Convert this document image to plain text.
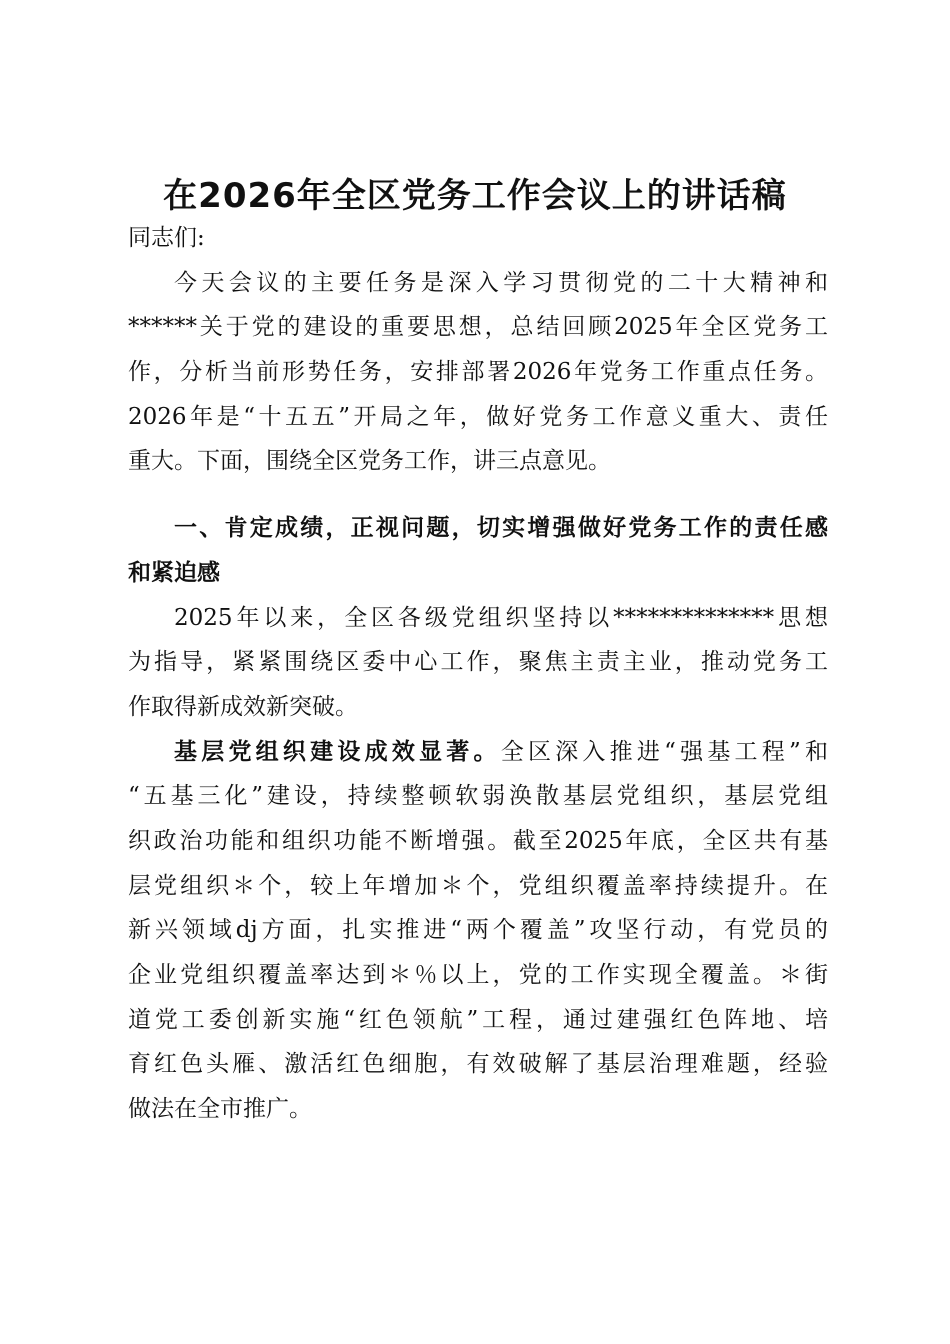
在2026年全区党务工作会议上的讲话稿
同志们:
今天会议的主要任务是深入学习贯彻党的二十大精神和
******关于党的建设的重要思想，总结回顾2025年全区党务工
作，分析当前形势任务，安排部署2026年党务工作重点任务。
2026年是“十五五”开局之年，做好党务工作意义重大、责任
重大。下面，围绕全区党务工作，讲三点意见。
一、肯定成绩，正视问题，切实增强做好党务工作的责任感
和紧迫感
2025年以来，全区各级党组织坚持以**************思想
为指导，紧紧围绕区委中心工作，聚焦主责主业，推动党务工
作取得新成效新突破。
基层党组织建设成效显著。全区深入推进“强基工程”和
“五基三化”建设，持续整顿软弱涣散基层党组织，基层党组
织政治功能和组织功能不断增强。截至2025年底，全区共有基
层党组织＊个，较上年增加＊个，党组织覆盖率持续提升。在
新兴领域dj方面，扎实推进“两个覆盖”攻坚行动，有党员的
企业党组织覆盖率达到＊％以上，党的工作实现全覆盖。＊街
道党工委创新实施“红色领航”工程，通过建强红色阵地、培
育红色头雁、激活红色细胞，有效破解了基层治理难题，经验
做法在全市推广。
